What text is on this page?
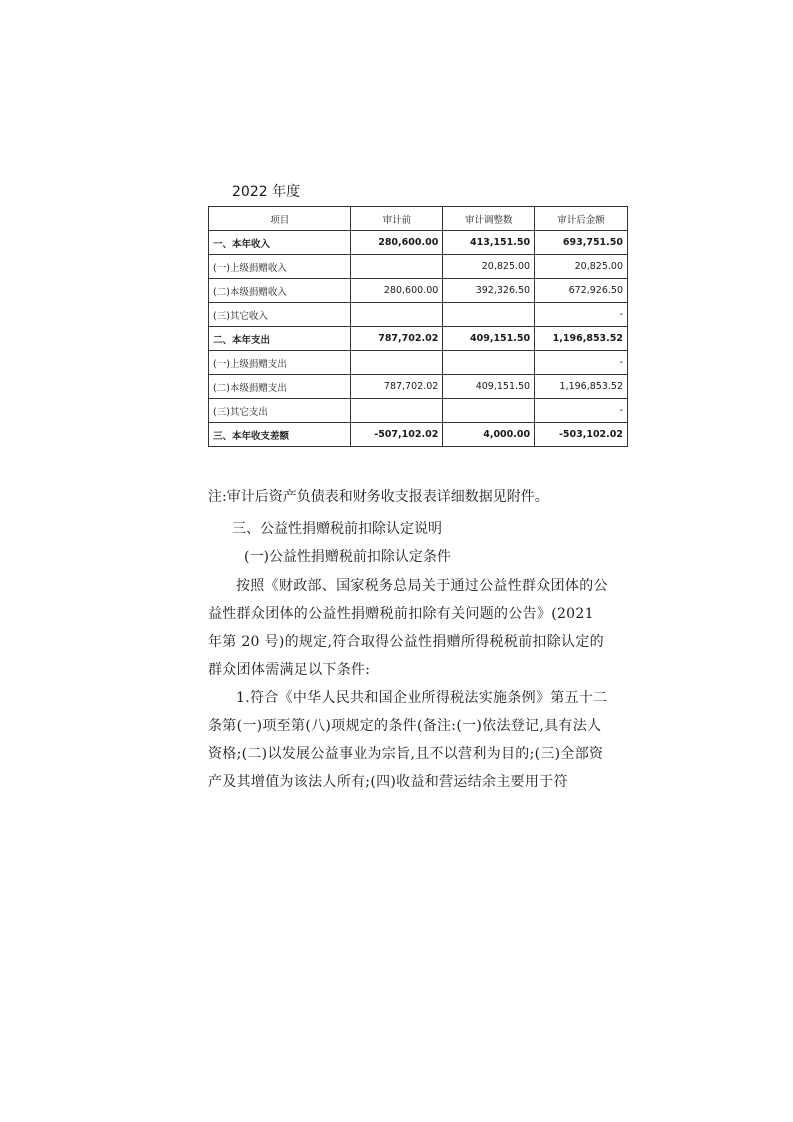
2022 年度
项目	审计前	审计调整数	审计后金额
一、本年收入	280,600.00	413,151.50	693,751.50
(一)上级捐赠收入		20,825.00	20,825.00
(二)本级捐赠收入	280,600.00	392,326.50	672,926.50
(三)其它收入			-
二、本年支出	787,702.02	409,151.50	1,196,853.52
(一)上级捐赠支出			-
(二)本级捐赠支出	787,702.02	409,151.50	1,196,853.52
(三)其它支出			-
三、本年收支差额	-507,102.02	4,000.00	-503,102.02
注:审计后资产负债表和财务收支报表详细数据见附件。
三、公益性捐赠税前扣除认定说明
(一)公益性捐赠税前扣除认定条件
按照《财政部、国家税务总局关于通过公益性群众团体的公益性群众团体的公益性捐赠税前扣除有关问题的公告》(2021 年第 20 号)的规定,符合取得公益性捐赠所得税税前扣除认定的群众团体需满足以下条件:
1.符合《中华人民共和国企业所得税法实施条例》第五十二条第(一)项至第(八)项规定的条件(备注:(一)依法登记,具有法人资格;(二)以发展公益事业为宗旨,且不以营利为目的;(三)全部资产及其增值为该法人所有;(四)收益和营运结余主要用于符
